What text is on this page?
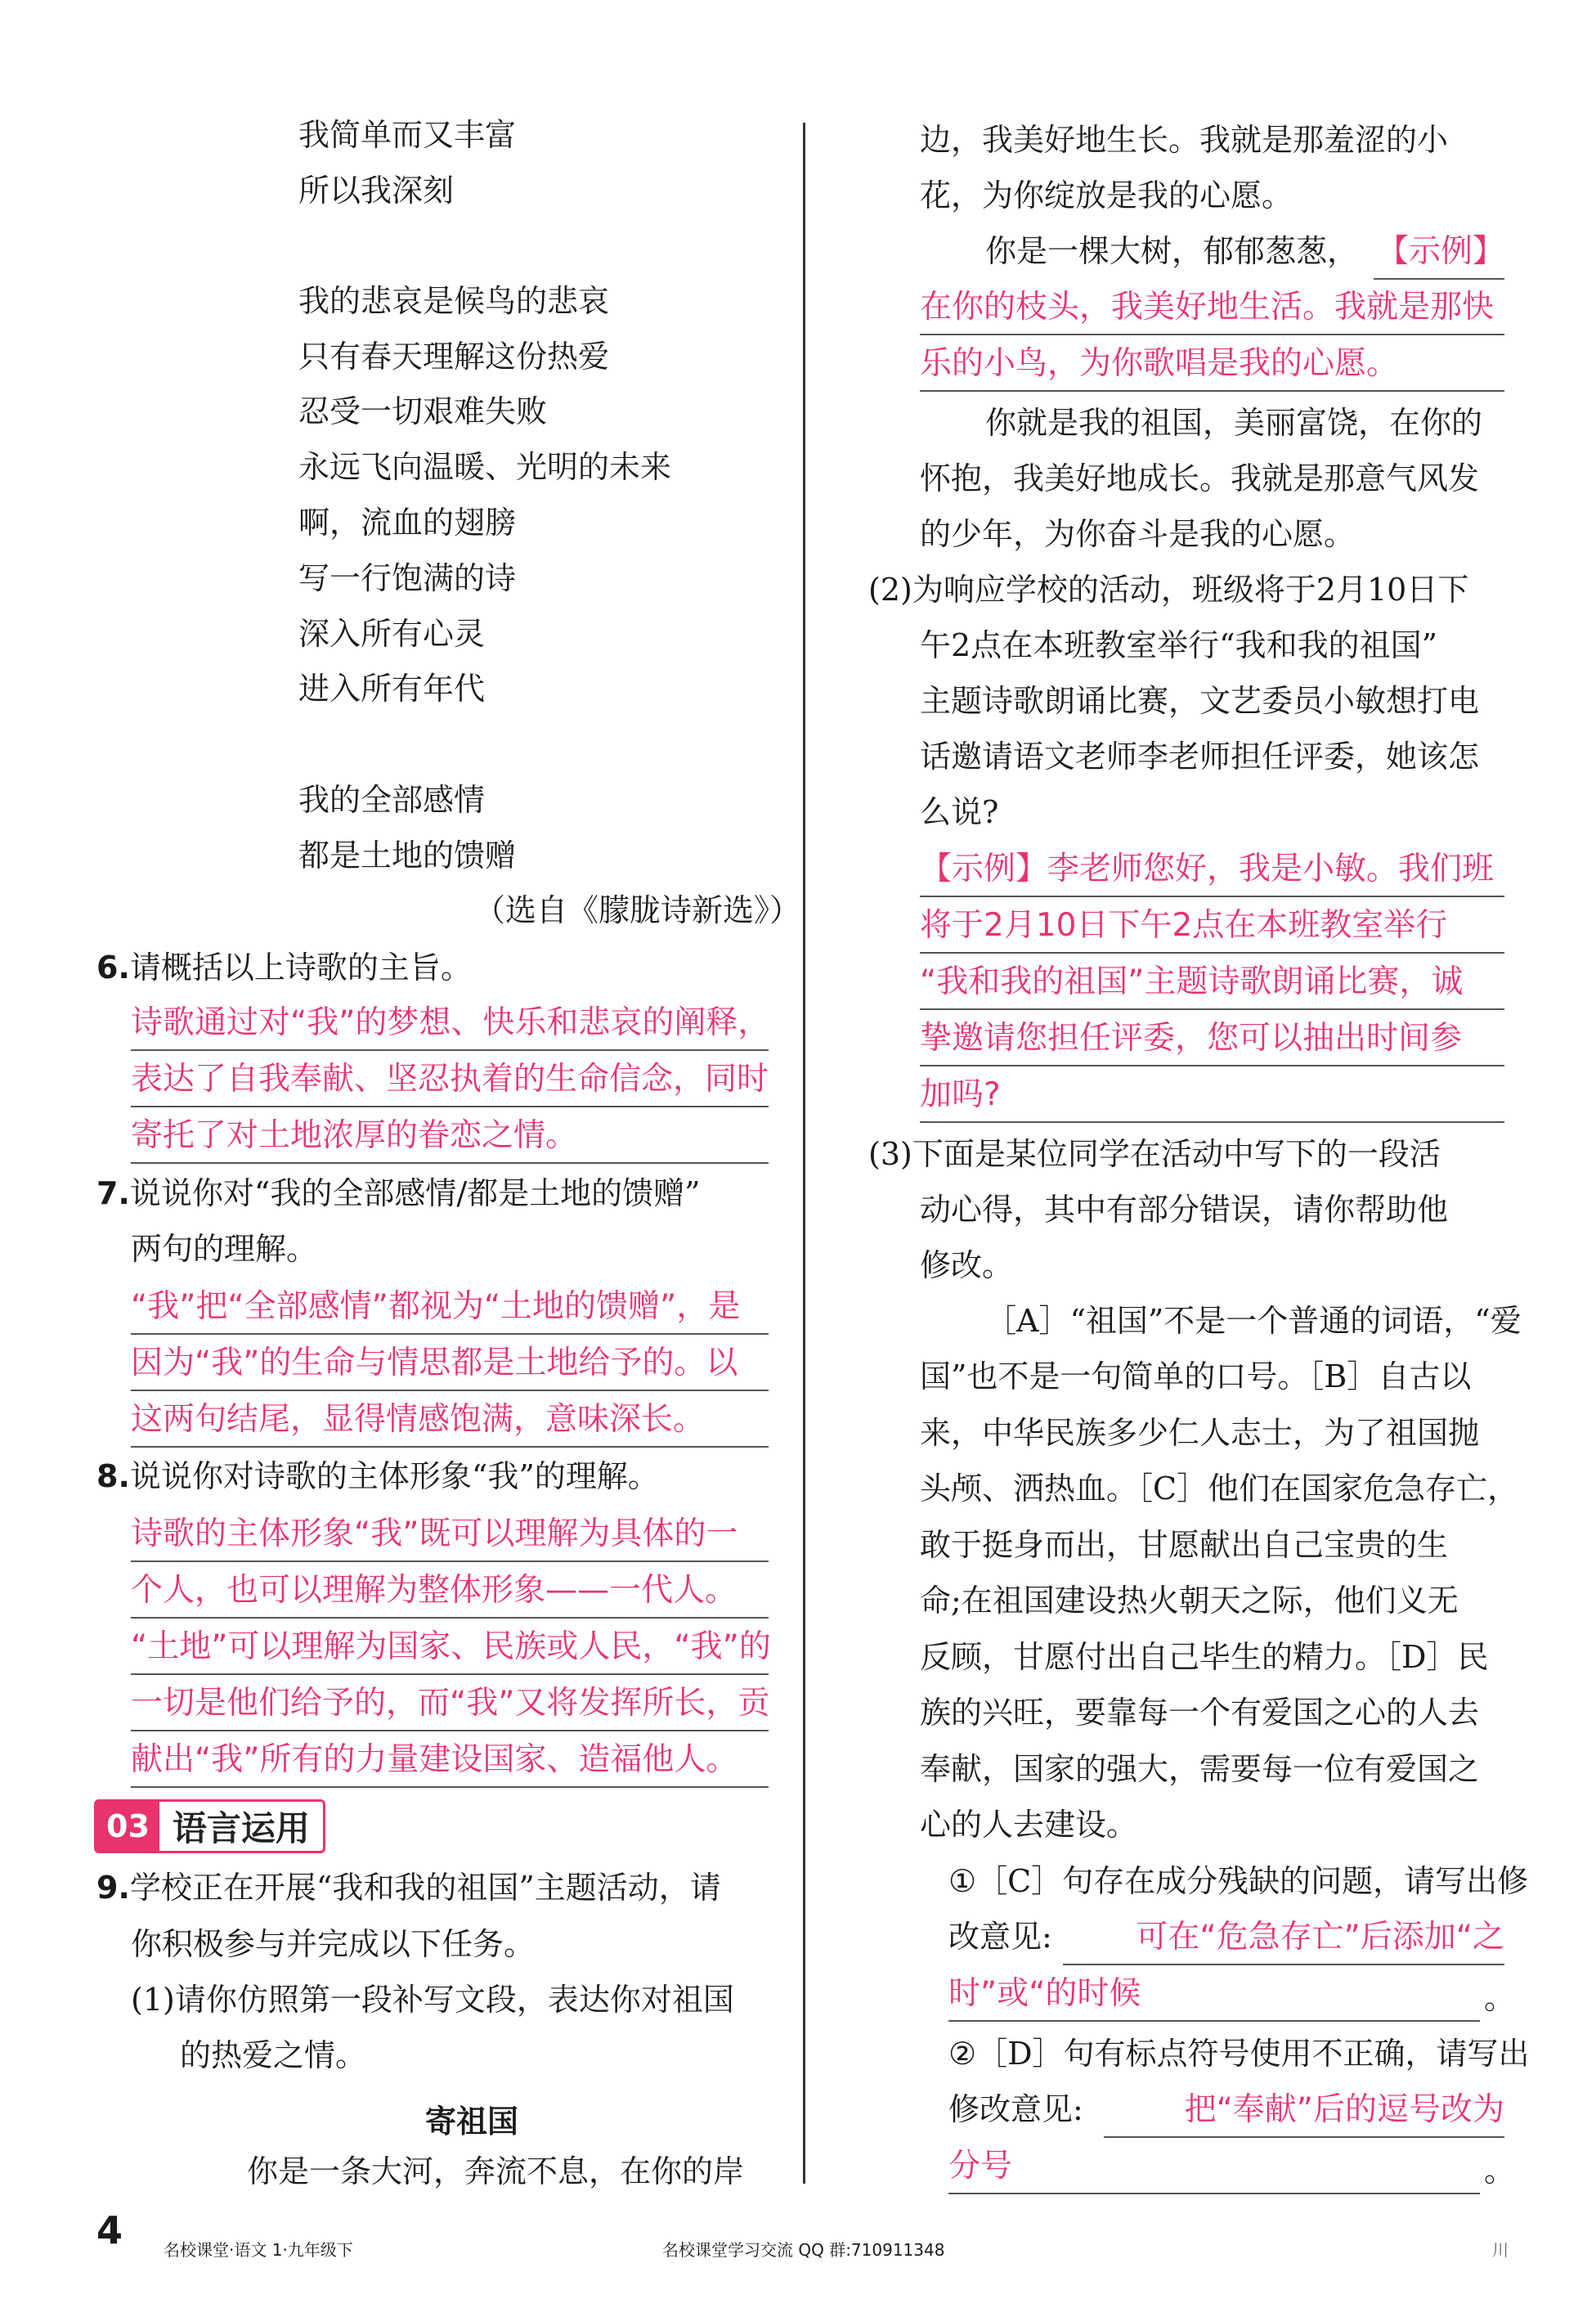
我简单而又丰富
所以我深刻
我的悲哀是候鸟的悲哀
只有春天理解这份热爱
忍受一切艰难失败
永远飞向温暖、光明的未来
啊，流血的翅膀
写一行饱满的诗
深入所有心灵
进入所有年代
我的全部感情
都是土地的馈赠
（选自《朦胧诗新选》）
6.请概括以上诗歌的主旨。
诗歌通过对“我”的梦想、快乐和悲哀的阐释，
表达了自我奉献、坚忍执着的生命信念，同时
寄托了对土地浓厚的眷恋之情。
7.说说你对“我的全部感情/都是土地的馈赠”
两句的理解。
“我”把“全部感情”都视为“土地的馈赠”，是
因为“我”的生命与情思都是土地给予的。以
这两句结尾，显得情感饱满，意味深长。
8.说说你对诗歌的主体形象“我”的理解。
诗歌的主体形象“我”既可以理解为具体的一
个人，也可以理解为整体形象——一代人。
“土地”可以理解为国家、民族或人民，“我”的
一切是他们给予的，而“我”又将发挥所长，贡
献出“我”所有的力量建设国家、造福他人。
03 语言运用
9.学校正在开展“我和我的祖国”主题活动，请
你积极参与并完成以下任务。
(1)请你仿照第一段补写文段，表达你对祖国
的热爱之情。
寄祖国
你是一条大河，奔流不息，在你的岸
边，我美好地生长。我就是那羞涩的小
花，为你绽放是我的心愿。
你是一棵大树，郁郁葱葱， 【示例】
在你的枝头，我美好地生活。我就是那快
乐的小鸟，为你歌唱是我的心愿。
你就是我的祖国，美丽富饶，在你的
怀抱，我美好地成长。我就是那意气风发
的少年，为你奋斗是我的心愿。
(2)为响应学校的活动，班级将于2月10日下
午2点在本班教室举行“我和我的祖国”
主题诗歌朗诵比赛，文艺委员小敏想打电
话邀请语文老师李老师担任评委，她该怎
么说?
【示例】李老师您好，我是小敏。我们班
将于2月10日下午2点在本班教室举行
“我和我的祖国”主题诗歌朗诵比赛，诚
挚邀请您担任评委，您可以抽出时间参
加吗?
(3)下面是某位同学在活动中写下的一段活
动心得，其中有部分错误，请你帮助他
修改。
［A］“祖国”不是一个普通的词语，“爱
国”也不是一句简单的口号。［B］自古以
来，中华民族多少仁人志士，为了祖国抛
头颅、洒热血。［C］他们在国家危急存亡，
敢于挺身而出，甘愿献出自己宝贵的生
命;在祖国建设热火朝天之际，他们义无
反顾，甘愿付出自己毕生的精力。［D］民
族的兴旺，要靠每一个有爱国之心的人去
奉献，国家的强大，需要每一位有爱国之
心的人去建设。
①［C］句存在成分残缺的问题，请写出修
改意见:	可在“危急存亡”后添加“之
时”或“的时候	。
②［D］句有标点符号使用不正确，请写出
修改意见:	把“奉献”后的逗号改为
分号	。
4 名校课堂·语文 1·九年级下	名校课堂学习交流 QQ 群:710911348	川
